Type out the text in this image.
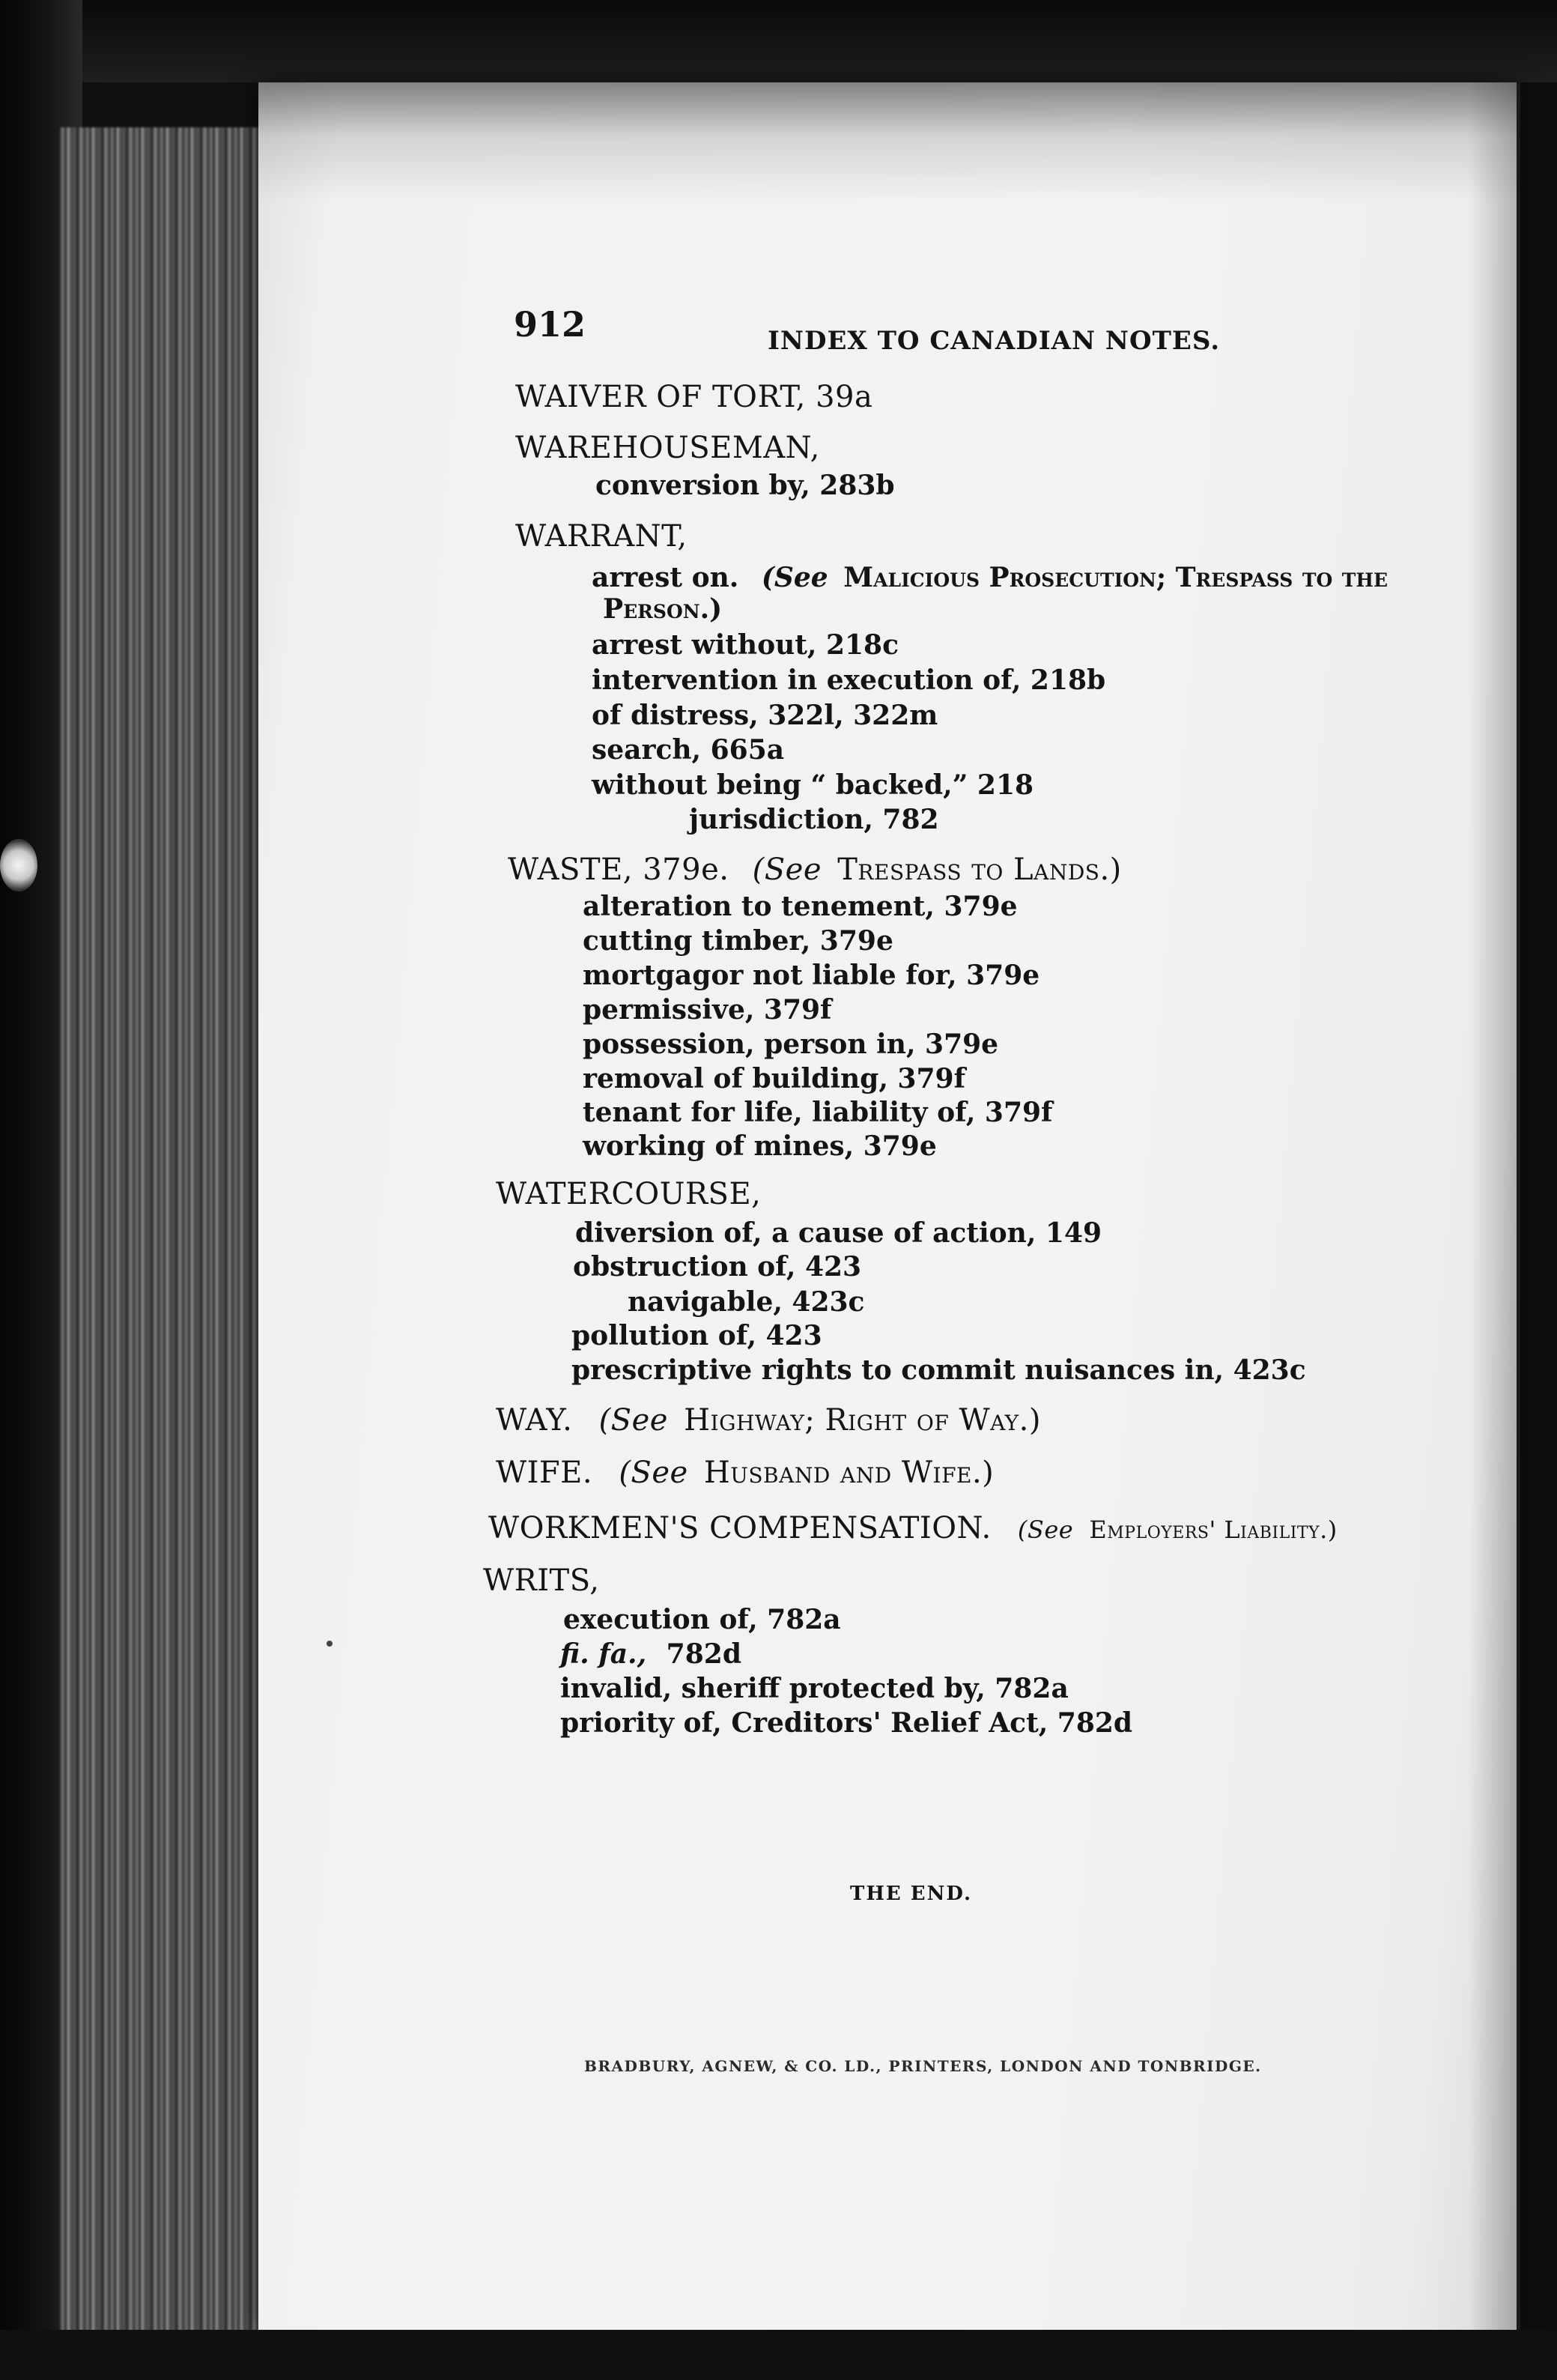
912	INDEX TO CANADIAN NOTES.
WAIVER OF TORT, 39a
WAREHOUSEMAN,
conversion by, 283b
WARRANT,
arrest on. (See Malicious Prosecution; Trespass to the
Person.)
arrest without, 218c
intervention in execution of, 218b
of distress, 322l, 322m
search, 665a
without being “ backed,” 218
jurisdiction, 782
WASTE, 379e. (See Trespass to Lands.)
alteration to tenement, 379e
cutting timber, 379e
mortgagor not liable for, 379e
permissive, 379f
possession, person in, 379e
removal of building, 379f
tenant for life, liability of, 379f
working of mines, 379e
WATERCOURSE,
diversion of, a cause of action, 149
obstruction of, 423
navigable, 423c
pollution of, 423
prescriptive rights to commit nuisances in, 423c
WAY. (See Highway; Right of Way.)
WIFE. (See Husband and Wife.)
WORKMEN'S COMPENSATION. (See Employers' Liability.)
WRITS,
execution of, 782a
fi. fa., 782d
invalid, sheriff protected by, 782a
priority of, Creditors' Relief Act, 782d
THE END.
BRADBURY, AGNEW, & CO. LD., PRINTERS, LONDON AND TONBRIDGE.
